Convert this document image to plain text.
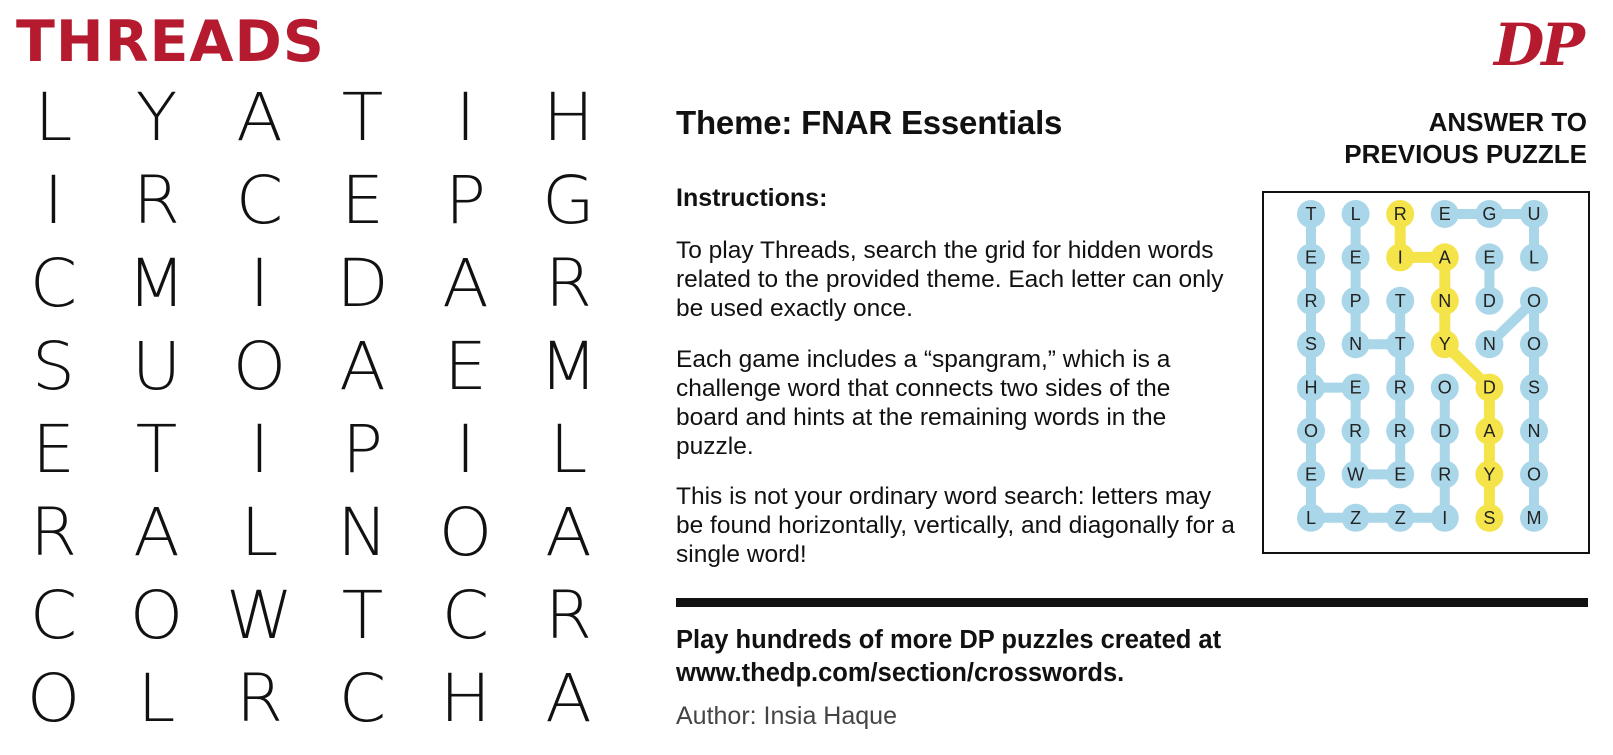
THREADS	DP
L Y A T	I	H
I	R C E P G
C M I	D A R
S U O A E M
E T	I	P	I	L
R A L N O A
C O W T C R
O L R C H A
Theme: FNAR Essentials	ANSWER TO
PREVIOUS PUZZLE
Instructions:

To play Threads, search the grid for hidden words related to the provided theme. Each letter can only be used exactly once.

Each game includes a “spangram,” which is a challenge word that connects two sides of the board and hints at the remaining words in the puzzle.

This is not your ordinary word search: letters may be found horizontally, vertically, and diagonally for a single word!

T L R E G U
E E I A E L
R P T N D O
S N T Y N O
H E R O D S
O R R D A N
E W E R Y O
L Z Z I S M

Play hundreds of more DP puzzles created at www.thedp.com/section/crosswords.

Author: Insia Haque
